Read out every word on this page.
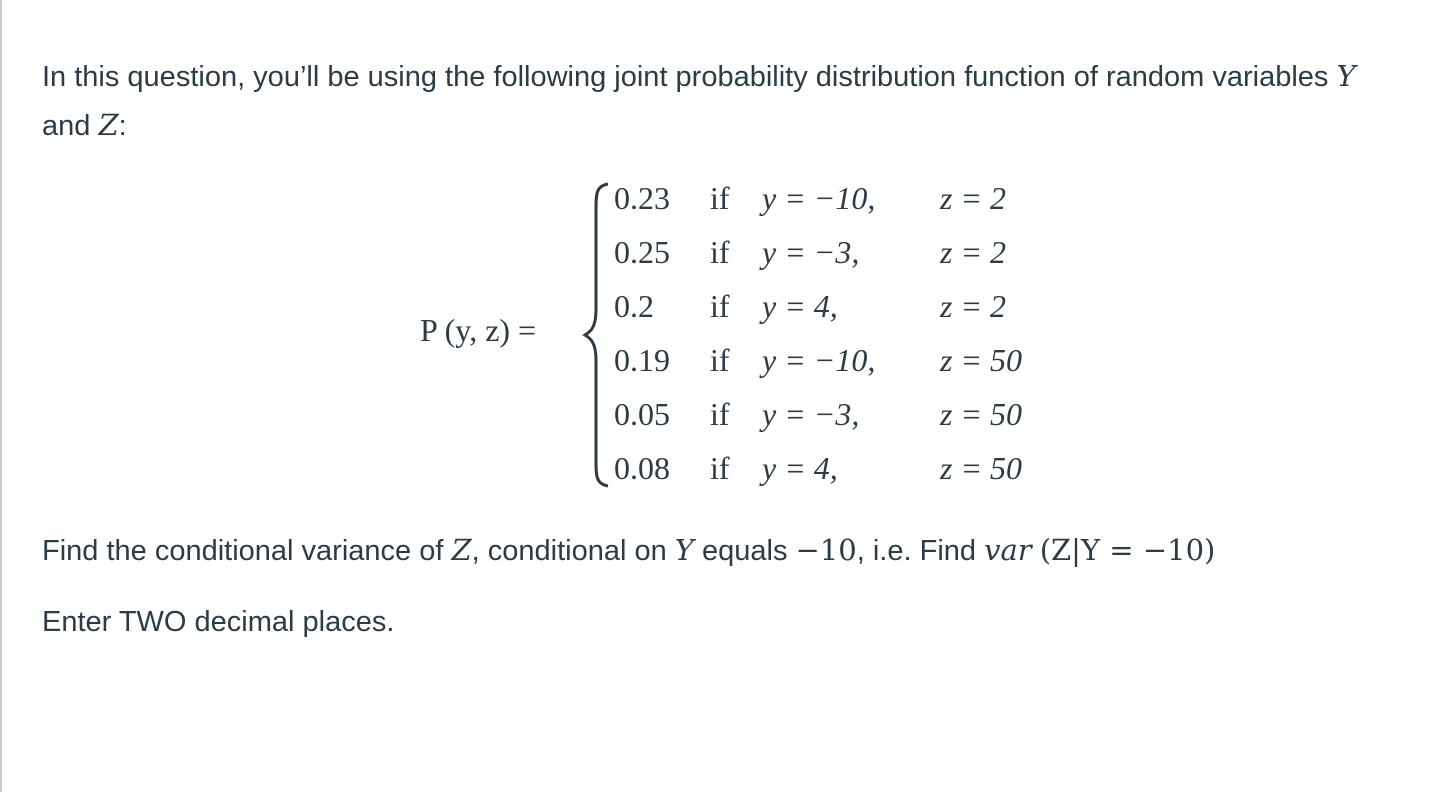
In this question, you’ll be using the following joint probability distribution function of random variables Y and Z:

P (y, z) =
0.23 if y = −10, z = 2
0.25 if y = −3,	z = 2
0.2 if y = 4,	z = 2
0.19 if y = −10, z = 50
0.05 if y = −3,	z = 50
0.08 if y = 4,	z = 50
Find the conditional variance of Z, conditional on Y equals −10, i.e. Find var (Z|Y = −10)
Enter TWO decimal places.
